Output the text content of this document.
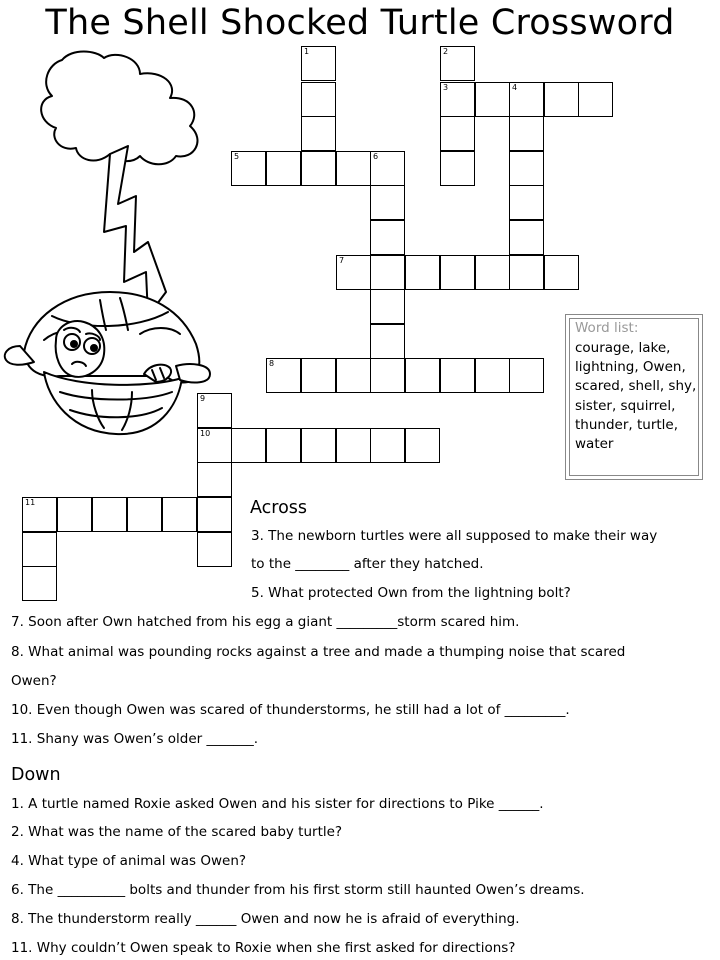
The Shell Shocked Turtle Crossword
1	2
3	4
5	6
7
8
9
10
11
Word list:
courage, lake, lightning, Owen, scared, shell, shy, sister, squirrel, thunder, turtle, water
Across
3. The newborn turtles were all supposed to make their way
to the ________ after they hatched.
5. What protected Own from the lightning bolt?
7. Soon after Own hatched from his egg a giant _________storm scared him.
8. What animal was pounding rocks against a tree and made a thumping noise that scared
Owen?
10. Even though Owen was scared of thunderstorms, he still had a lot of _________.
11. Shany was Owen’s older _______.
Down
1. A turtle named Roxie asked Owen and his sister for directions to Pike ______.
2. What was the name of the scared baby turtle?
4. What type of animal was Owen?
6. The __________ bolts and thunder from his first storm still haunted Owen’s dreams.
8. The thunderstorm really ______ Owen and now he is afraid of everything.
11. Why couldn’t Owen speak to Roxie when she first asked for directions?
